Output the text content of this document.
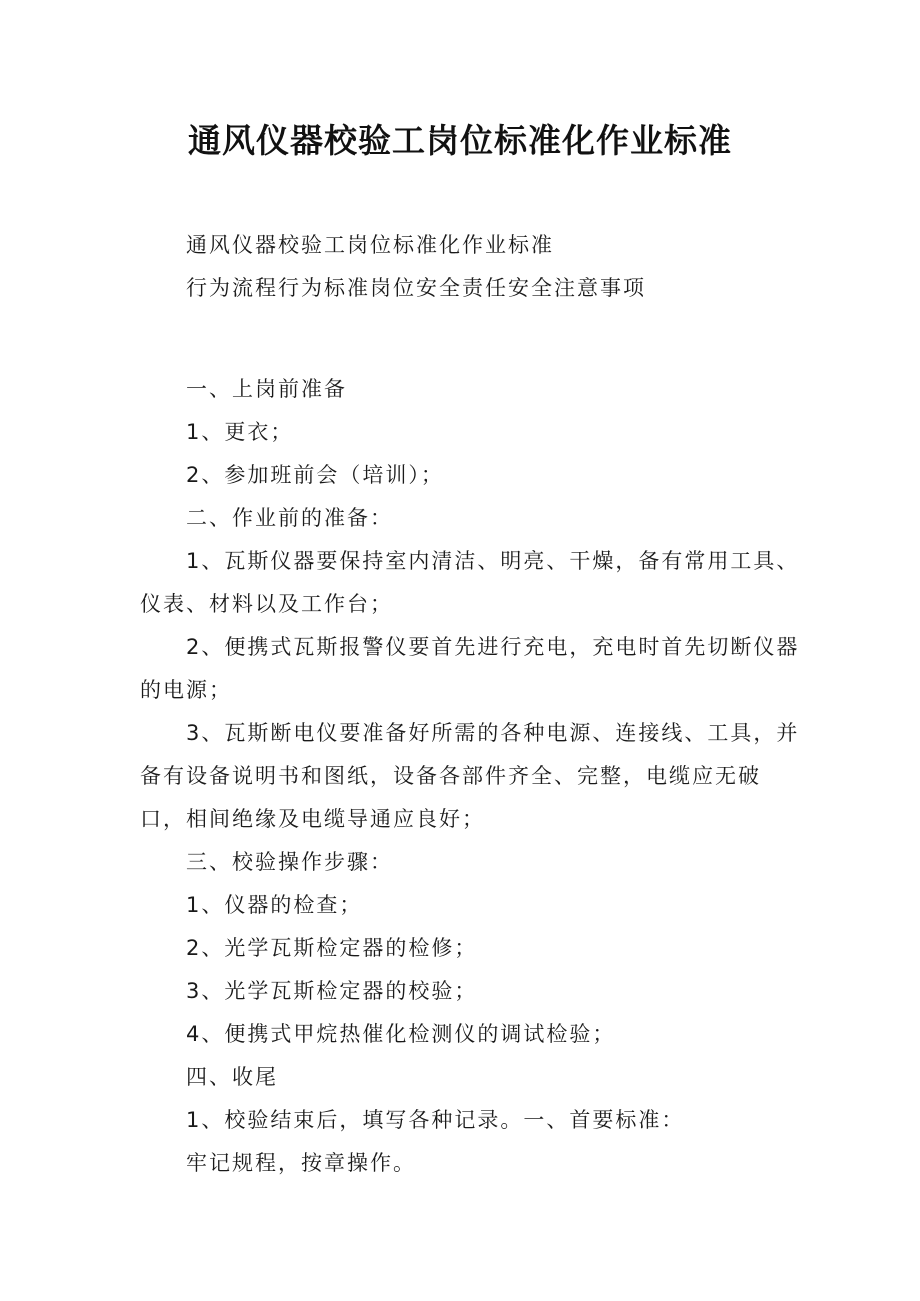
通风仪器校验工岗位标准化作业标准

通风仪器校验工岗位标准化作业标准

行为流程行为标准岗位安全责任安全注意事项

一、上岗前准备

1、更衣；

2、参加班前会（培训）；

二、作业前的准备：

1、瓦斯仪器要保持室内清洁、明亮、干燥，备有常用工具、仪表、材料以及工作台；

2、便携式瓦斯报警仪要首先进行充电，充电时首先切断仪器的电源；

3、瓦斯断电仪要准备好所需的各种电源、连接线、工具，并备有设备说明书和图纸，设备各部件齐全、完整，电缆应无破口，相间绝缘及电缆导通应良好；

三、校验操作步骤：

1、仪器的检查；

2、光学瓦斯检定器的检修；

3、光学瓦斯检定器的校验；

4、便携式甲烷热催化检测仪的调试检验；

四、收尾

1、校验结束后，填写各种记录。一、首要标准：

牢记规程，按章操作。
